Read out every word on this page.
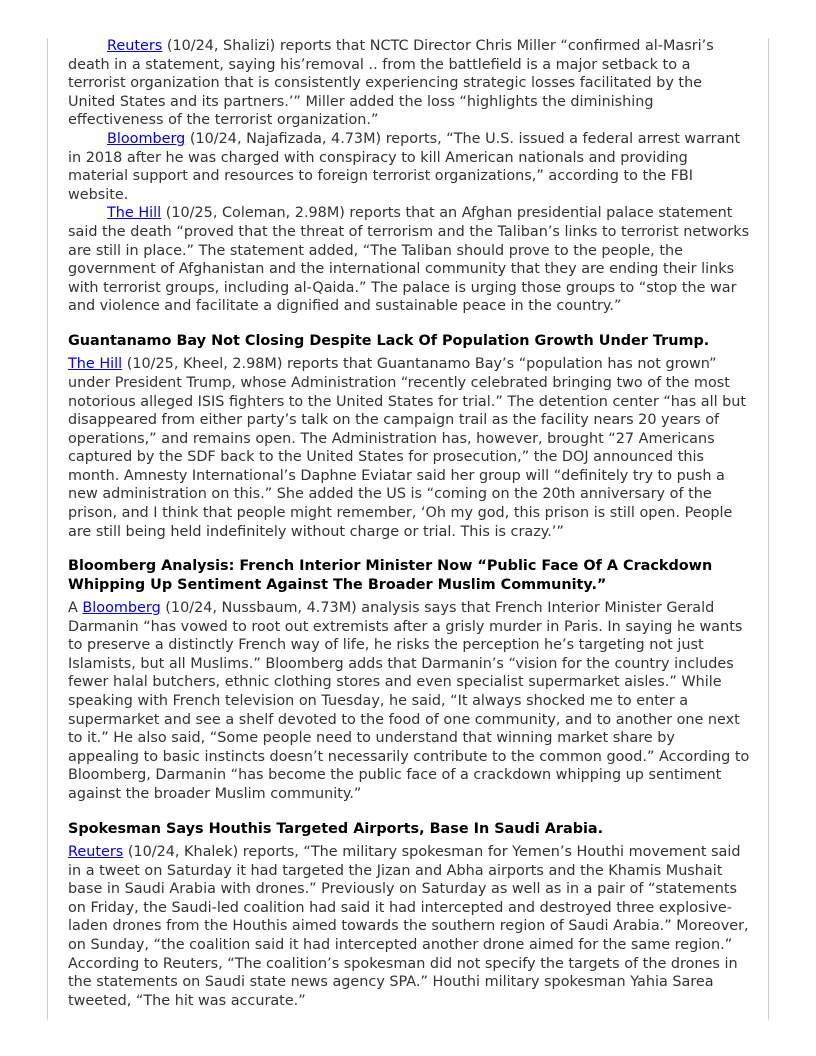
Reuters (10/24, Shalizi) reports that NCTC Director Chris Miller “confirmed al-Masri’s death in a statement, saying his’removal .. from the battlefield is a major setback to a terrorist organization that is consistently experiencing strategic losses facilitated by the United States and its partners.’” Miller added the loss “highlights the diminishing effectiveness of the terrorist organization.”

Bloomberg (10/24, Najafizada, 4.73M) reports, “The U.S. issued a federal arrest warrant in 2018 after he was charged with conspiracy to kill American nationals and providing material support and resources to foreign terrorist organizations,” according to the FBI website.

The Hill (10/25, Coleman, 2.98M) reports that an Afghan presidential palace statement said the death “proved that the threat of terrorism and the Taliban’s links to terrorist networks are still in place.” The statement added, “The Taliban should prove to the people, the government of Afghanistan and the international community that they are ending their links with terrorist groups, including al-Qaida.” The palace is urging those groups to “stop the war and violence and facilitate a dignified and sustainable peace in the country.”

Guantanamo Bay Not Closing Despite Lack Of Population Growth Under Trump.

The Hill (10/25, Kheel, 2.98M) reports that Guantanamo Bay’s “population has not grown” under President Trump, whose Administration “recently celebrated bringing two of the most notorious alleged ISIS fighters to the United States for trial.” The detention center “has all but disappeared from either party’s talk on the campaign trail as the facility nears 20 years of operations,” and remains open. The Administration has, however, brought “27 Americans captured by the SDF back to the United States for prosecution,” the DOJ announced this month. Amnesty International’s Daphne Eviatar said her group will “definitely try to push a new administration on this.” She added the US is “coming on the 20th anniversary of the prison, and I think that people might remember, ‘Oh my god, this prison is still open. People are still being held indefinitely without charge or trial. This is crazy.’”

Bloomberg Analysis: French Interior Minister Now “Public Face Of A Crackdown Whipping Up Sentiment Against The Broader Muslim Community.”

A Bloomberg (10/24, Nussbaum, 4.73M) analysis says that French Interior Minister Gerald Darmanin “has vowed to root out extremists after a grisly murder in Paris. In saying he wants to preserve a distinctly French way of life, he risks the perception he’s targeting not just Islamists, but all Muslims.” Bloomberg adds that Darmanin’s “vision for the country includes fewer halal butchers, ethnic clothing stores and even specialist supermarket aisles.” While speaking with French television on Tuesday, he said, “It always shocked me to enter a supermarket and see a shelf devoted to the food of one community, and to another one next to it.” He also said, “Some people need to understand that winning market share by appealing to basic instincts doesn’t necessarily contribute to the common good.” According to Bloomberg, Darmanin “has become the public face of a crackdown whipping up sentiment against the broader Muslim community.”

Spokesman Says Houthis Targeted Airports, Base In Saudi Arabia.

Reuters (10/24, Khalek) reports, “The military spokesman for Yemen’s Houthi movement said in a tweet on Saturday it had targeted the Jizan and Abha airports and the Khamis Mushait base in Saudi Arabia with drones.” Previously on Saturday as well as in a pair of “statements on Friday, the Saudi-led coalition had said it had intercepted and destroyed three explosive-laden drones from the Houthis aimed towards the southern region of Saudi Arabia.” Moreover, on Sunday, “the coalition said it had intercepted another drone aimed for the same region.” According to Reuters, “The coalition’s spokesman did not specify the targets of the drones in the statements on Saudi state news agency SPA.” Houthi military spokesman Yahia Sarea tweeted, “The hit was accurate.”
